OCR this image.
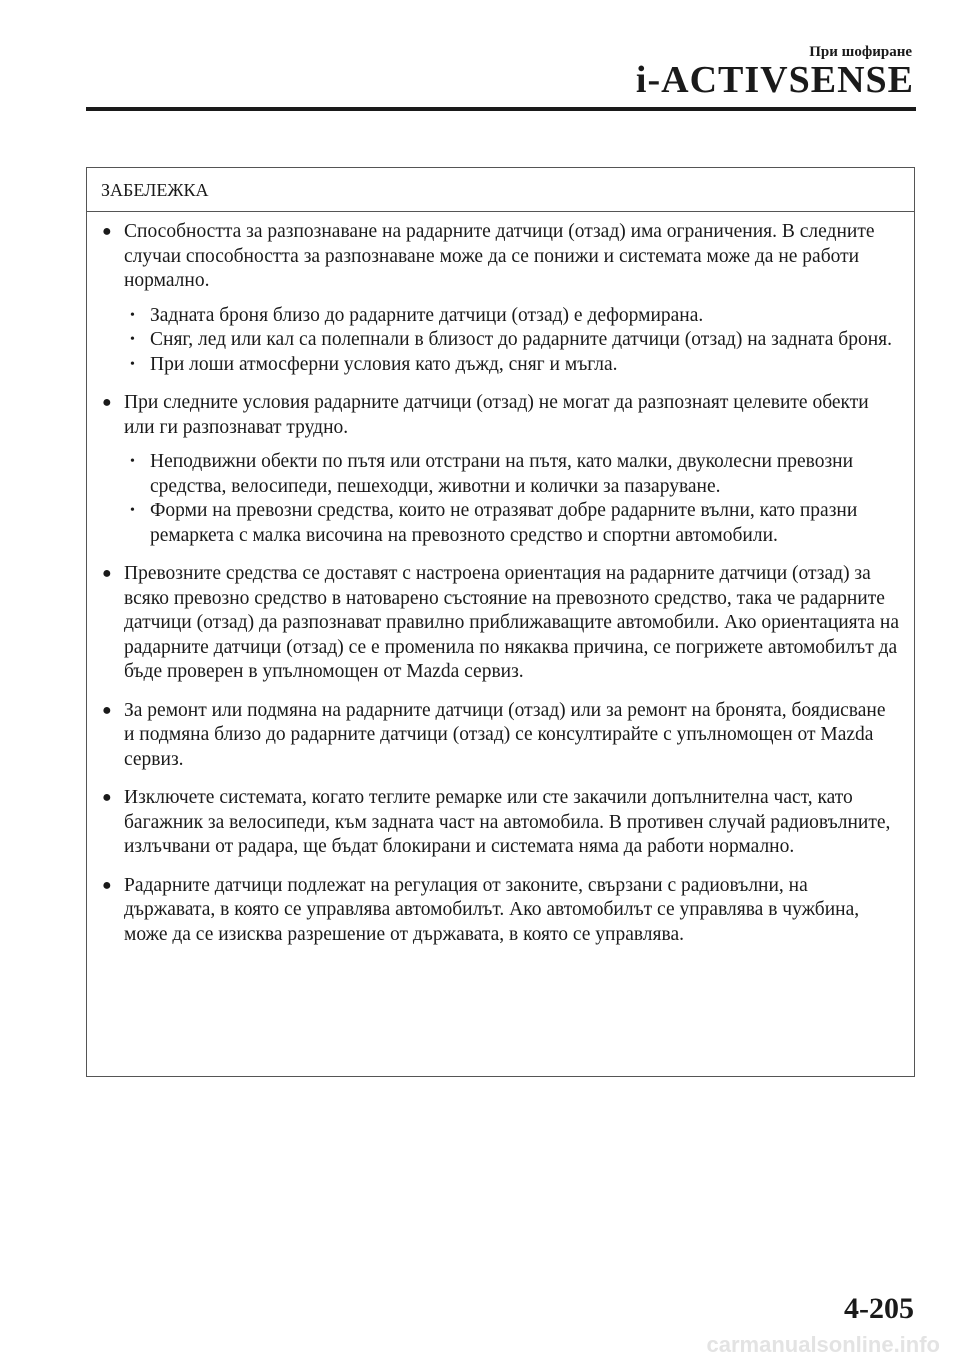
При шофиране
i-ACTIVSENSE
ЗАБЕЛЕЖКА
● Способността за разпознаване на радарните датчици (отзад) има ограничения. В следните случаи способността за разпознаване може да се понижи и системата може да не работи нормално.
• Задната броня близо до радарните датчици (отзад) е деформирана.
• Сняг, лед или кал са полепнали в близост до радарните датчици (отзад) на задната броня.
• При лоши атмосферни условия като дъжд, сняг и мъгла.
● При следните условия радарните датчици (отзад) не могат да разпознаят целевите обекти или ги разпознават трудно.
• Неподвижни обекти по пътя или отстрани на пътя, като малки, двуколесни превозни средства, велосипеди, пешеходци, животни и колички за пазаруване.
• Форми на превозни средства, които не отразяват добре радарните вълни, като празни ремаркета с малка височина на превозното средство и спортни автомобили.
● Превозните средства се доставят с настроена ориентация на радарните датчици (отзад) за всяко превозно средство в натоварено състояние на превозното средство, така че радарните датчици (отзад) да разпознават правилно приближаващите автомобили. Ако ориентацията на радарните датчици (отзад) се е променила по някаква причина, се погрижете автомобилът да бъде проверен в упълномощен от Mazda сервиз.
● За ремонт или подмяна на радарните датчици (отзад) или за ремонт на бронята, боядисване и подмяна близо до радарните датчици (отзад) се консултирайте с упълномощен от Mazda сервиз.
● Изключете системата, когато теглите ремарке или сте закачили допълнителна част, като багажник за велосипеди, към задната част на автомобила. В противен случай радиовълните, излъчвани от радара, ще бъдат блокирани и системата няма да работи нормално.
● Радарните датчици подлежат на регулация от законите, свързани с радиовълни, на държавата, в която се управлява автомобилът. Ако автомобилът се управлява в чужбина, може да се изисква разрешение от държавата, в която се управлява.
4-205
carmanualsonline.info
